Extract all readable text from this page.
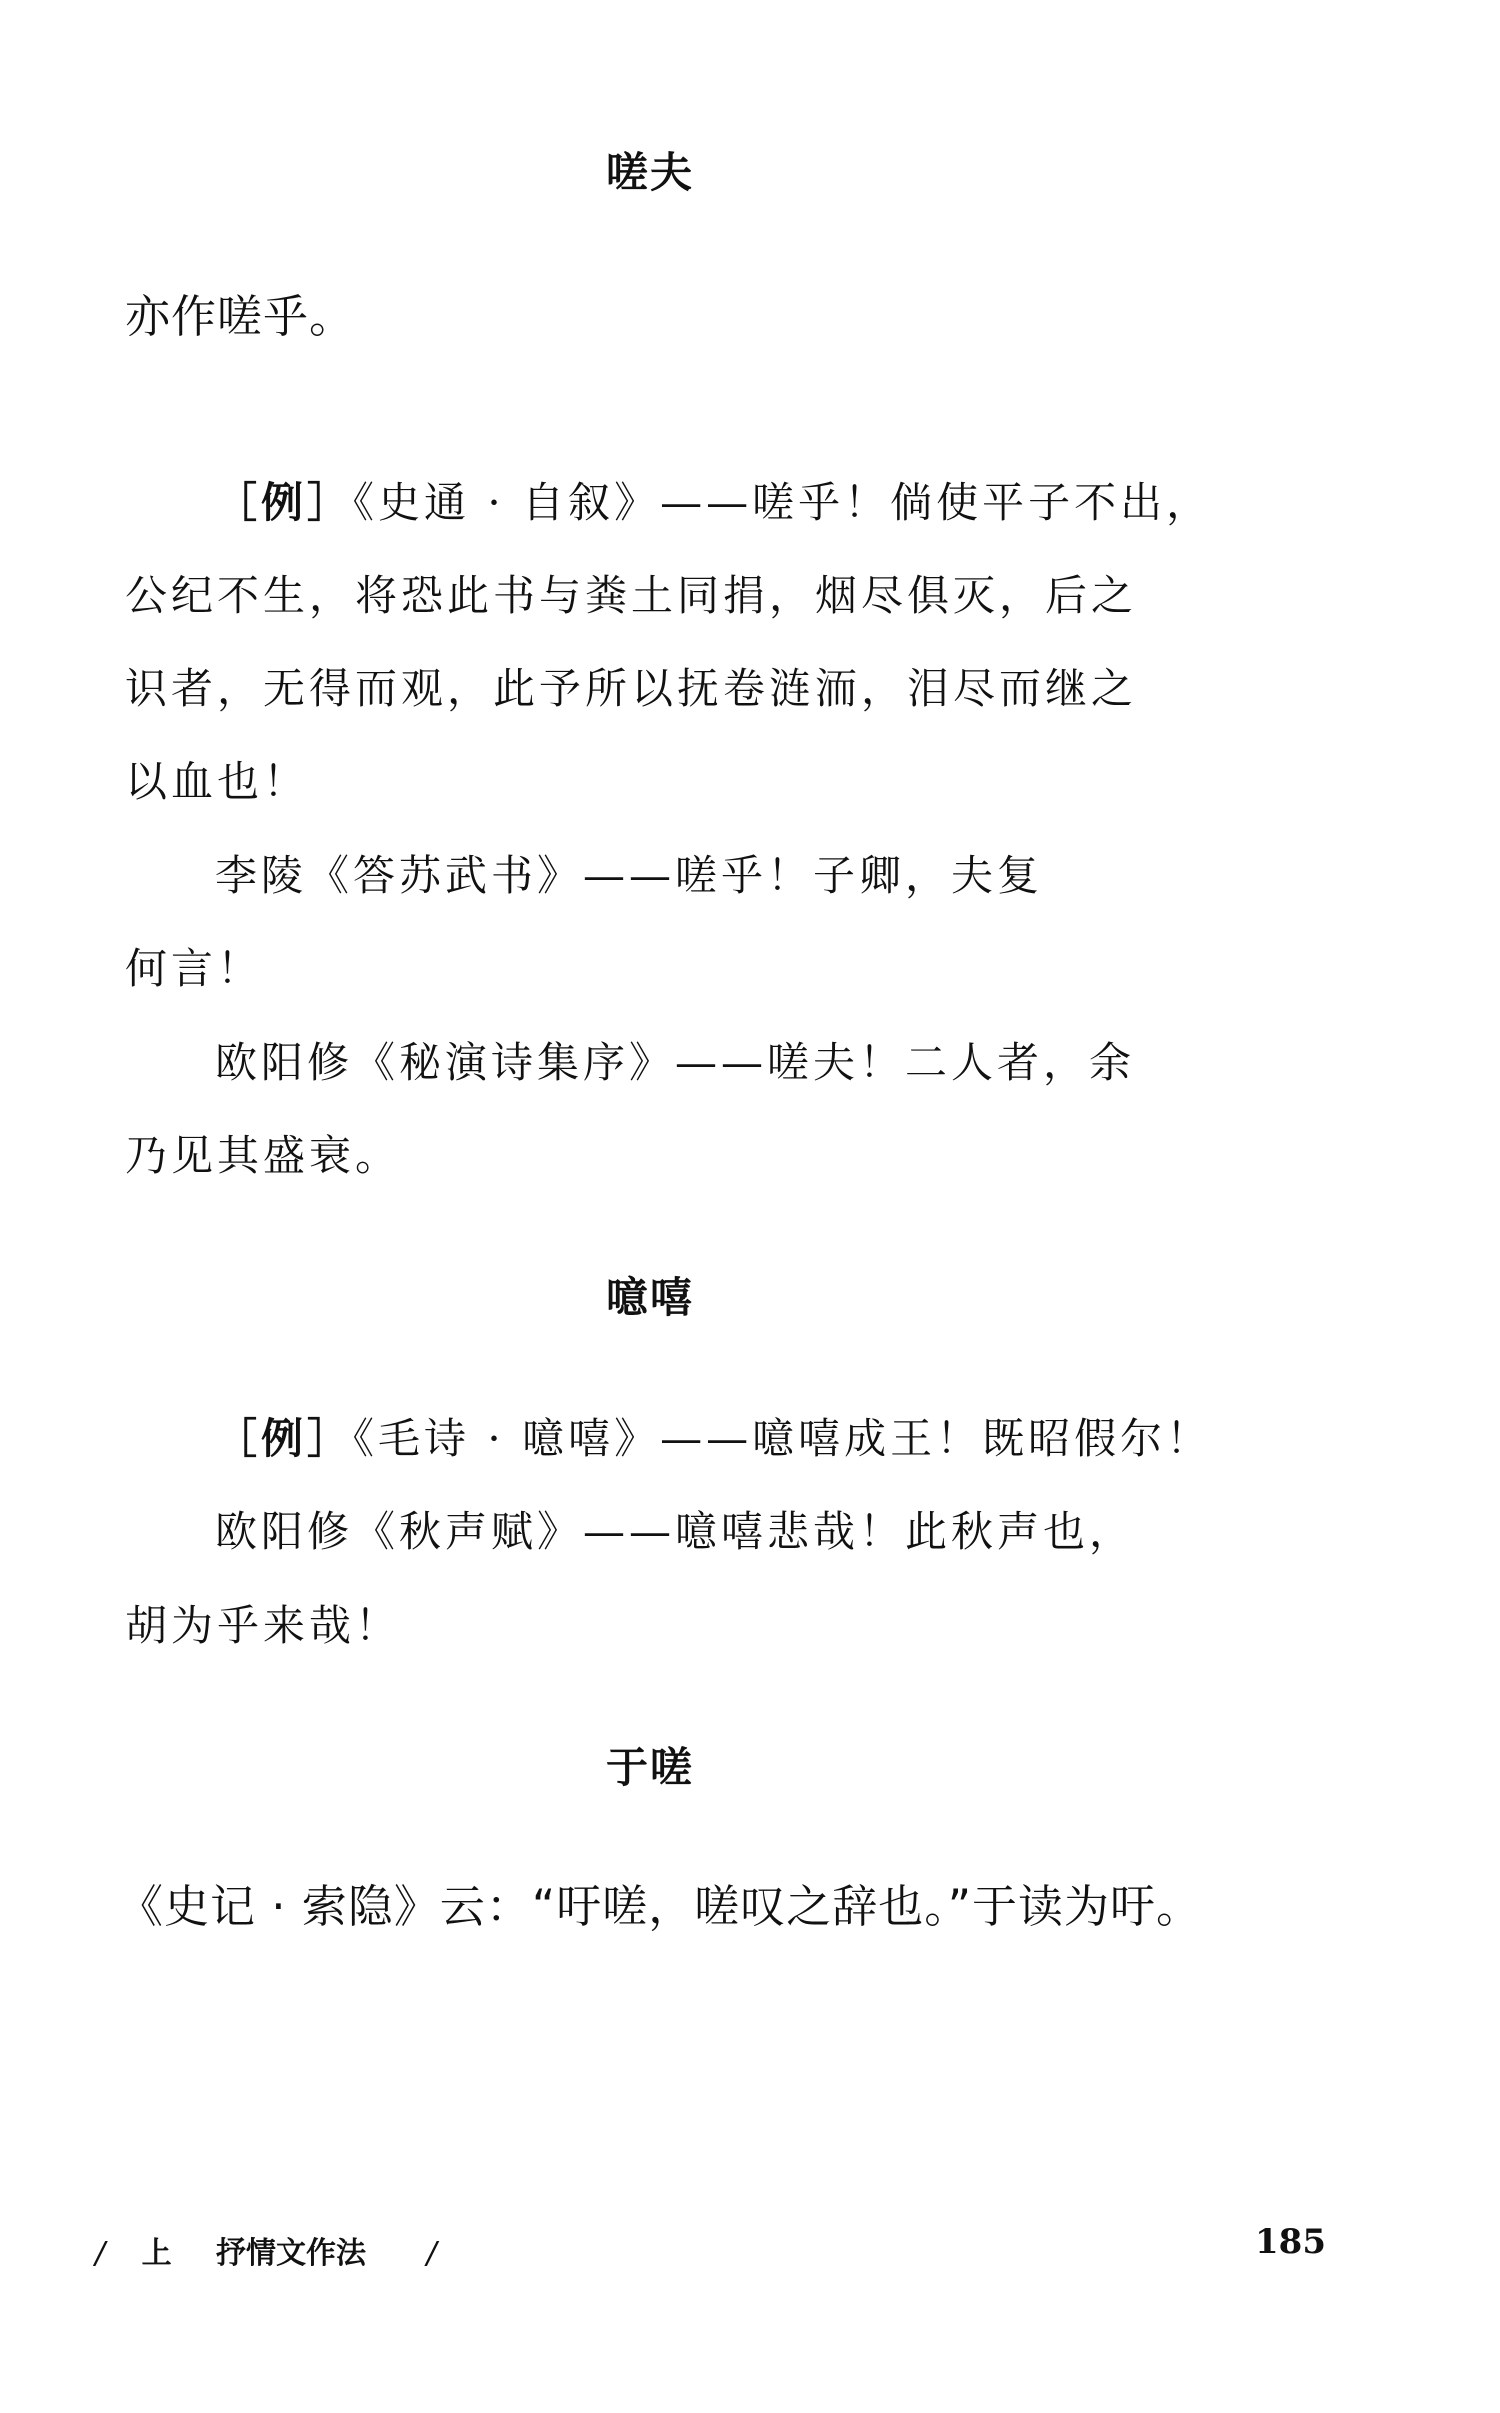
嗟夫
亦作嗟乎。
［例］《史通 · 自叙》——嗟乎！倘使平子不出，
公纪不生，将恐此书与粪土同捐，烟尽俱灭，后之
识者，无得而观，此予所以抚卷涟洏，泪尽而继之
以血也！
李陵《答苏武书》——嗟乎！子卿，夫复
何言！
欧阳修《秘演诗集序》——嗟夫！二人者，余
乃见其盛衰。
噫嘻
［例］《毛诗 · 噫嘻》——噫嘻成王！既昭假尔！
欧阳修《秋声赋》——噫嘻悲哉！此秋声也，
胡为乎来哉！
于嗟
《史记 · 索隐》云：“吁嗟，嗟叹之辞也。”于读为吁。
/ 上 抒情文作法 /	185
